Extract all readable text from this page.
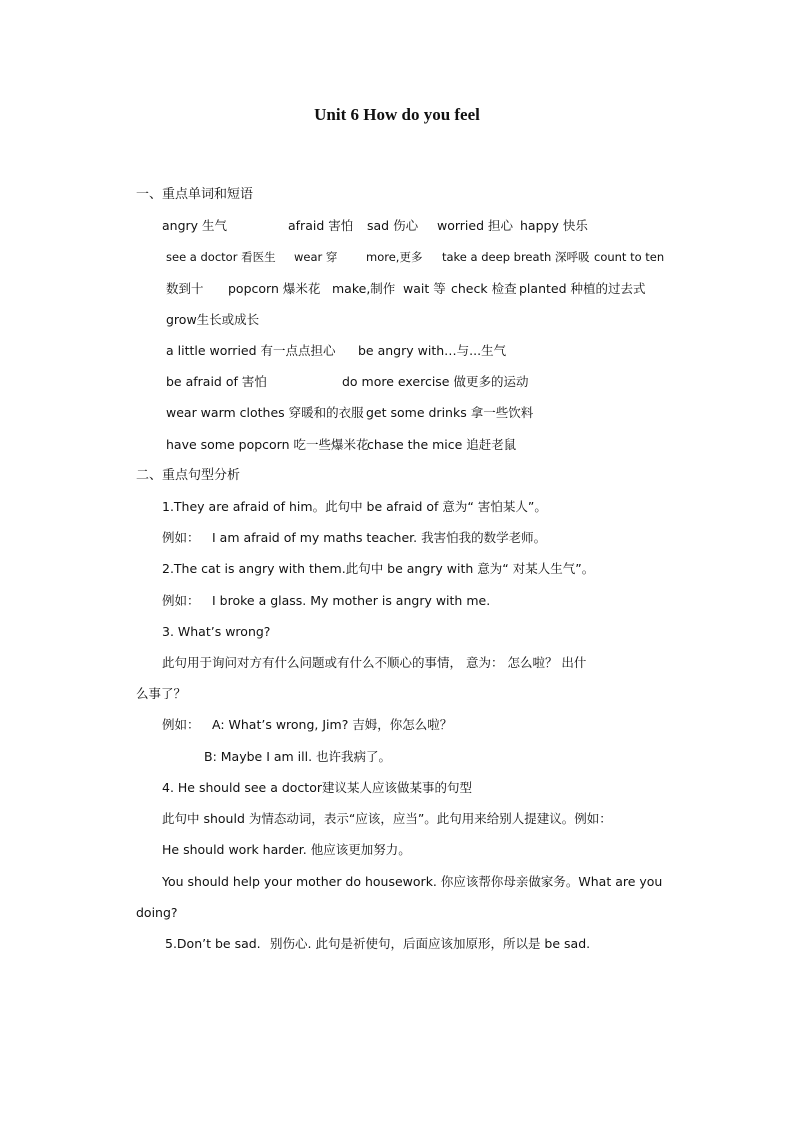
Unit 6 How do you feel
一、重点单词和短语
angry 生气	afraid 害怕 sad 伤心 worried 担心 happy 快乐
see a doctor 看医生 wear 穿 more,更多 take a deep breath 深呼吸 count to ten
数到十 popcorn 爆米花 make,制作 wait 等 check 检查 planted 种植的过去式
grow生长或成长
a little worried 有一点点担心 be angry with…与...生气
be afraid of 害怕	do more exercise 做更多的运动
wear warm clothes 穿暖和的衣服 get some drinks 拿一些饮料
have some popcorn 吃一些爆米花
chase the mice 追赶老鼠
二、重点句型分析
1.They are afraid of him。此句中 be afraid of 意为“ 害怕某人”。
例如： I am afraid of my maths teacher. 我害怕我的数学老师。
2.The cat is angry with them.此句中 be angry with 意为“ 对某人生气”。
例如： I broke a glass. My mother is angry with me.
3. What’s wrong?
此句用于询问对方有什么问题或有什么不顺心的事情， 意为： 怎么啦？ 出什
么事了？
例如： A: What’s wrong, Jim? 吉姆，你怎么啦？
B: Maybe I am ill. 也许我病了。
4. He should see a doctor建议某人应该做某事的句型
此句中 should 为情态动词，表示“应该，应当”。此句用来给别人提建议。例如：
He should work harder. 他应该更加努力。
You should help your mother do housework. 你应该帮你母亲做家务。What are you
doing?
5.Don’t be sad. 别伤心. 此句是祈使句，后面应该加原形，所以是 be sad.
